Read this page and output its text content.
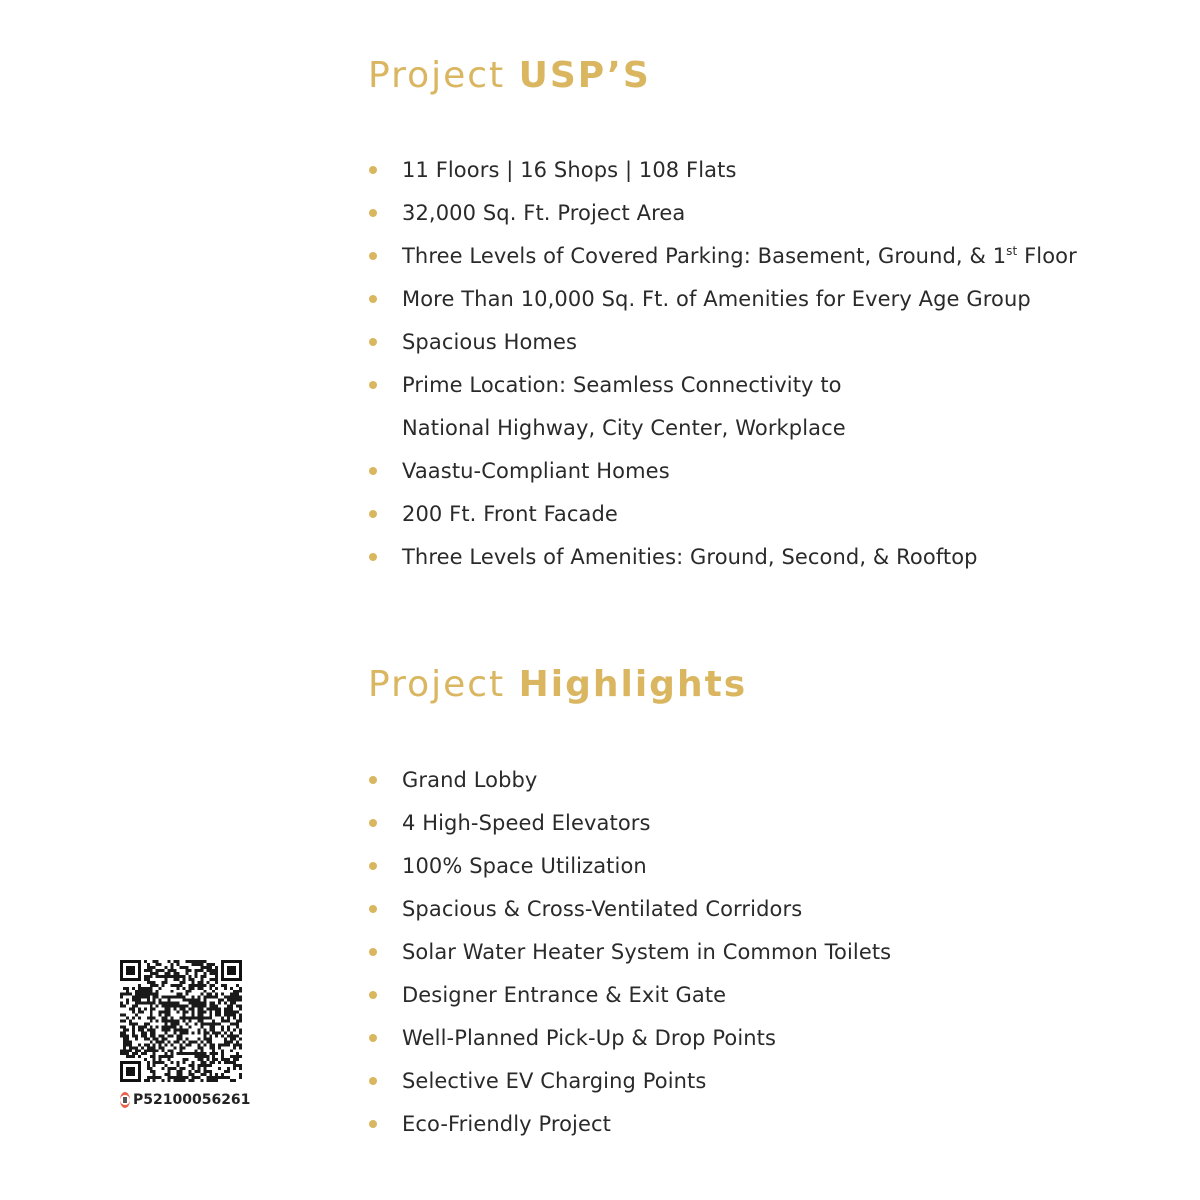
Project USP’S
11 Floors | 16 Shops | 108 Flats
32,000 Sq. Ft. Project Area
Three Levels of Covered Parking: Basement, Ground, & 1st Floor
More Than 10,000 Sq. Ft. of Amenities for Every Age Group
Spacious Homes
Prime Location: Seamless Connectivity to
National Highway, City Center, Workplace
Vaastu-Compliant Homes
200 Ft. Front Facade
Three Levels of Amenities: Ground, Second, & Rooftop
Project Highlights
Grand Lobby
4 High-Speed Elevators
100% Space Utilization
Spacious & Cross-Ventilated Corridors
Solar Water Heater System in Common Toilets
Designer Entrance & Exit Gate
Well-Planned Pick-Up & Drop Points
Selective EV Charging Points
Eco-Friendly Project
P52100056261
